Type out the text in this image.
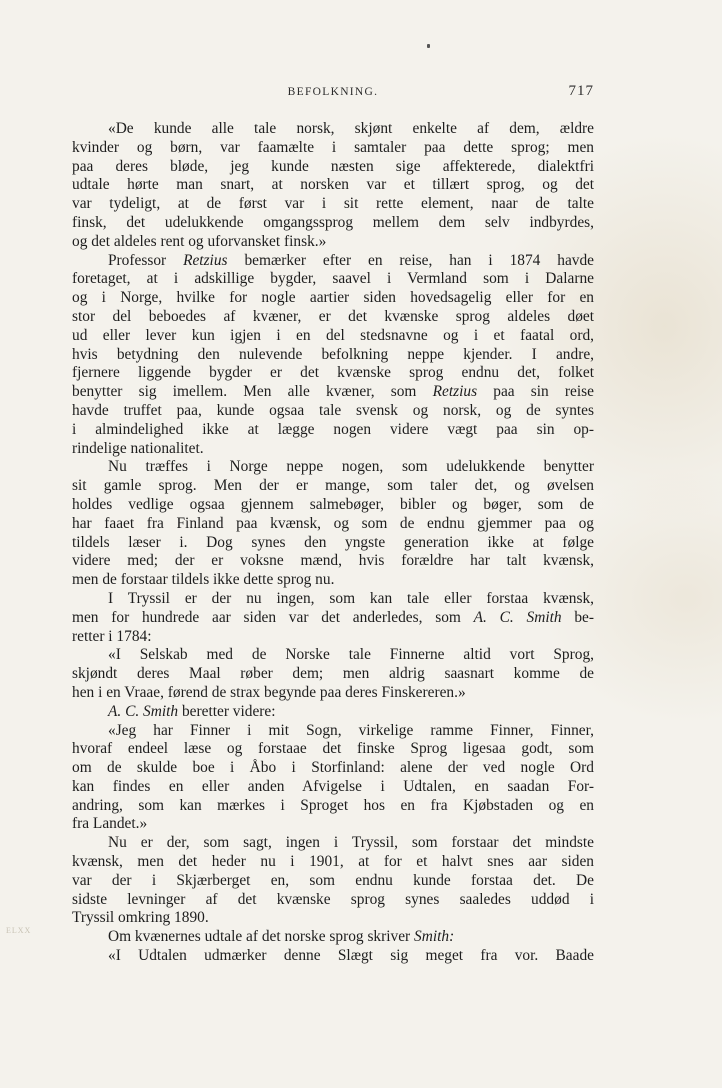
BEFOLKNING.	717
«De kunde alle tale norsk, skjønt enkelte af dem, ældre
kvinder og børn, var faamælte i samtaler paa dette sprog; men
paa deres bløde, jeg kunde næsten sige affekterede, dialektfri
udtale hørte man snart, at norsken var et tillært sprog, og det
var tydeligt, at de først var i sit rette element, naar de talte
finsk, det udelukkende omgangssprog mellem dem selv indbyrdes,
og det aldeles rent og uforvansket finsk.»
Professor Retzius bemærker efter en reise, han i 1874 havde
foretaget, at i adskillige bygder, saavel i Vermland som i Dalarne
og i Norge, hvilke for nogle aartier siden hovedsagelig eller for en
stor del beboedes af kvæner, er det kvænske sprog aldeles døet
ud eller lever kun igjen i en del stedsnavne og i et faatal ord,
hvis betydning den nulevende befolkning neppe kjender. I andre,
fjernere liggende bygder er det kvænske sprog endnu det, folket
benytter sig imellem. Men alle kvæner, som Retzius paa sin reise
havde truffet paa, kunde ogsaa tale svensk og norsk, og de syntes
i almindelighed ikke at lægge nogen videre vægt paa sin op-
rindelige nationalitet.
Nu træffes i Norge neppe nogen, som udelukkende benytter
sit gamle sprog. Men der er mange, som taler det, og øvelsen
holdes vedlige ogsaa gjennem salmebøger, bibler og bøger, som de
har faaet fra Finland paa kvænsk, og som de endnu gjemmer paa og
tildels læser i. Dog synes den yngste generation ikke at følge
videre med; der er voksne mænd, hvis forældre har talt kvænsk,
men de forstaar tildels ikke dette sprog nu.
I Tryssil er der nu ingen, som kan tale eller forstaa kvænsk,
men for hundrede aar siden var det anderledes, som A. C. Smith be-
retter i 1784:
«I Selskab med de Norske tale Finnerne altid vort Sprog,
skjøndt deres Maal røber dem; men aldrig saasnart komme de
hen i en Vraae, førend de strax begynde paa deres Finskereren.»
A. C. Smith beretter videre:
«Jeg har Finner i mit Sogn, virkelige ramme Finner, Finner,
hvoraf endeel læse og forstaae det finske Sprog ligesaa godt, som
om de skulde boe i Åbo i Storfinland: alene der ved nogle Ord
kan findes en eller anden Afvigelse i Udtalen, en saadan For-
andring, som kan mærkes i Sproget hos en fra Kjøbstaden og en
fra Landet.»
Nu er der, som sagt, ingen i Tryssil, som forstaar det mindste
kvænsk, men det heder nu i 1901, at for et halvt snes aar siden
var der i Skjærberget en, som endnu kunde forstaa det. De
sidste levninger af det kvænske sprog synes saaledes uddød i
Tryssil omkring 1890.
Om kvænernes udtale af det norske sprog skriver Smith:
«I Udtalen udmærker denne Slægt sig meget fra vor. Baade
ELXX
